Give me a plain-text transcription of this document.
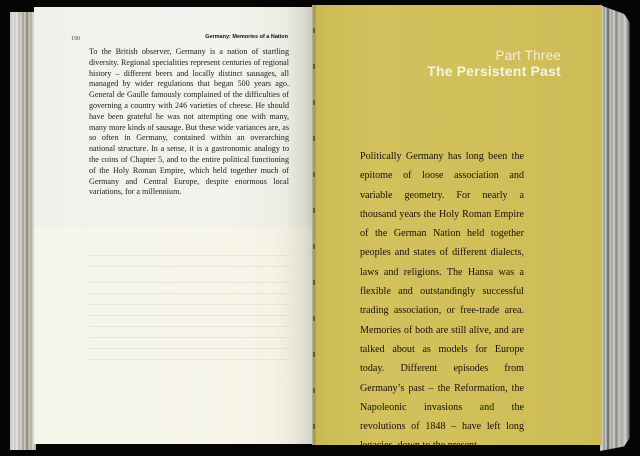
190	Germany: Memories of a Nation

To the British observer, Germany is a nation of startling diversity. Regional specialities represent centuries of regional history – different beers and locally distinct sausages, all managed by wider regulations that began 500 years ago. General de Gaulle famously complained of the difficulties of governing a country with 246 varieties of cheese. He should have been grateful he was not attempting one with many, many more kinds of sausage. But these wide variances are, as so often in Germany, contained within an overarching national structure. In a sense, it is a gastronomic analogy to the coins of Chapter 5, and to the entire political functioning of the Holy Roman Empire, which held together much of Germany and Central Europe, despite enormous local variations, for a millennium.

Part Three
The Persistent Past

Politically Germany has long been the epitome of loose association and variable geometry. For nearly a thousand years the Holy Roman Empire of the German Nation held together peoples and states of different dialects, laws and religions. The Hansa was a flexible and outstandingly successful trading association, or free-trade area. Memories of both are still alive, and are talked about as models for Europe today. Different episodes from Germany’s past – the Reformation, the Napoleonic invasions and the revolutions of 1848 – have left long legacies, down to the present.
